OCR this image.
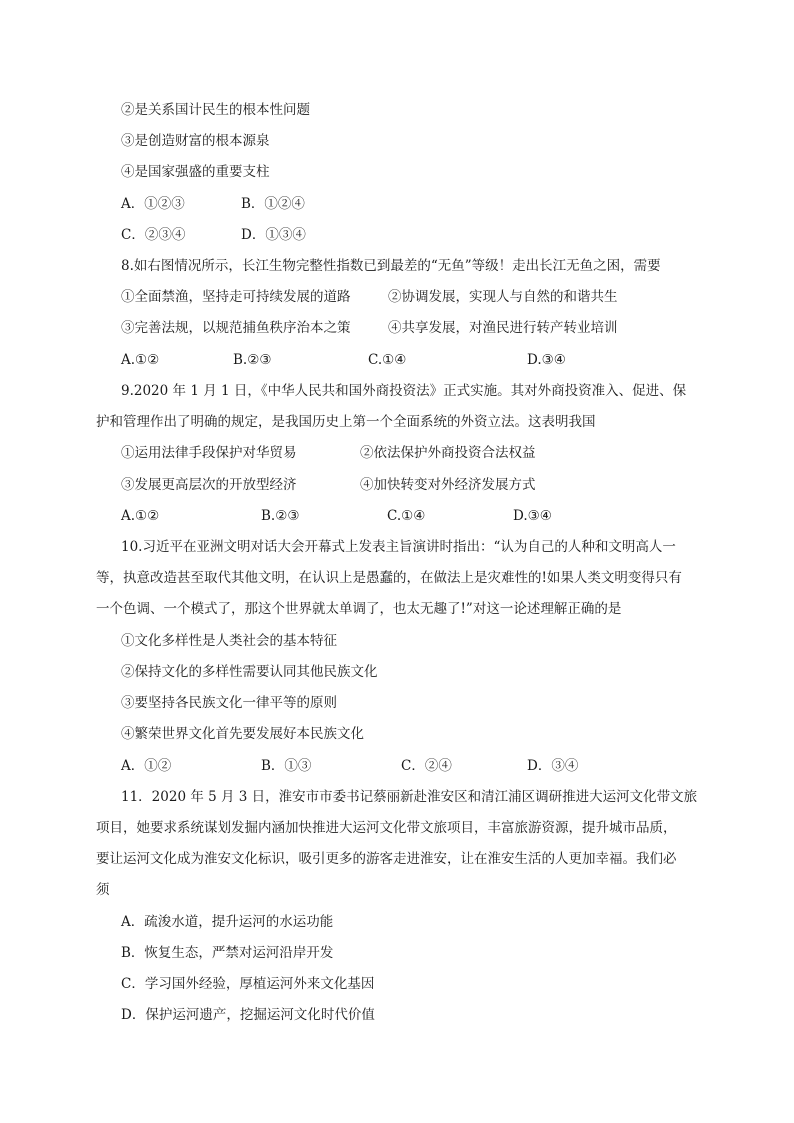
②是关系国计民生的根本性问题
③是创造财富的根本源泉
④是国家强盛的重要支柱
A．①②③	B．①②④
C．②③④	D．①③④
8.如右图情况所示，长江生物完整性指数已到最差的“无鱼”等级！走出长江无鱼之困，需要
①全面禁渔，坚持走可持续发展的道路	②协调发展，实现人与自然的和谐共生
③完善法规，以规范捕鱼秩序治本之策	④共享发展，对渔民进行转产转业培训
A.①②	B.②③	C.①④	D.③④
9.2020 年 1 月 1 日，《中华人民共和国外商投资法》正式实施。其对外商投资准入、促进、保
护和管理作出了明确的规定，是我国历史上第一个全面系统的外资立法。这表明我国
①运用法律手段保护对华贸易	②依法保护外商投资合法权益
③发展更高层次的开放型经济	④加快转变对外经济发展方式
A.①②	B.②③	C.①④	D.③④
10.习近平在亚洲文明对话大会开幕式上发表主旨演讲时指出：“认为自己的人种和文明高人一
等，执意改造甚至取代其他文明，在认识上是愚蠢的，在做法上是灾难性的!如果人类文明变得只有
一个色调、一个模式了，那这个世界就太单调了，也太无趣了!”对这一论述理解正确的是
①文化多样性是人类社会的基本特征
②保持文化的多样性需要认同其他民族文化
③要坚持各民族文化一律平等的原则
④繁荣世界文化首先要发展好本民族文化
A．①②	B．①③	C．②④	D．③④
11．2020 年 5 月 3 日，淮安市市委书记蔡丽新赴淮安区和清江浦区调研推进大运河文化带文旅
项目，她要求系统谋划发掘内涵加快推进大运河文化带文旅项目，丰富旅游资源，提升城市品质，
要让运河文化成为淮安文化标识，吸引更多的游客走进淮安，让在淮安生活的人更加幸福。我们必
须
A．疏浚水道，提升运河的水运功能
B．恢复生态，严禁对运河沿岸开发
C．学习国外经验，厚植运河外来文化基因
D．保护运河遗产，挖掘运河文化时代价值
